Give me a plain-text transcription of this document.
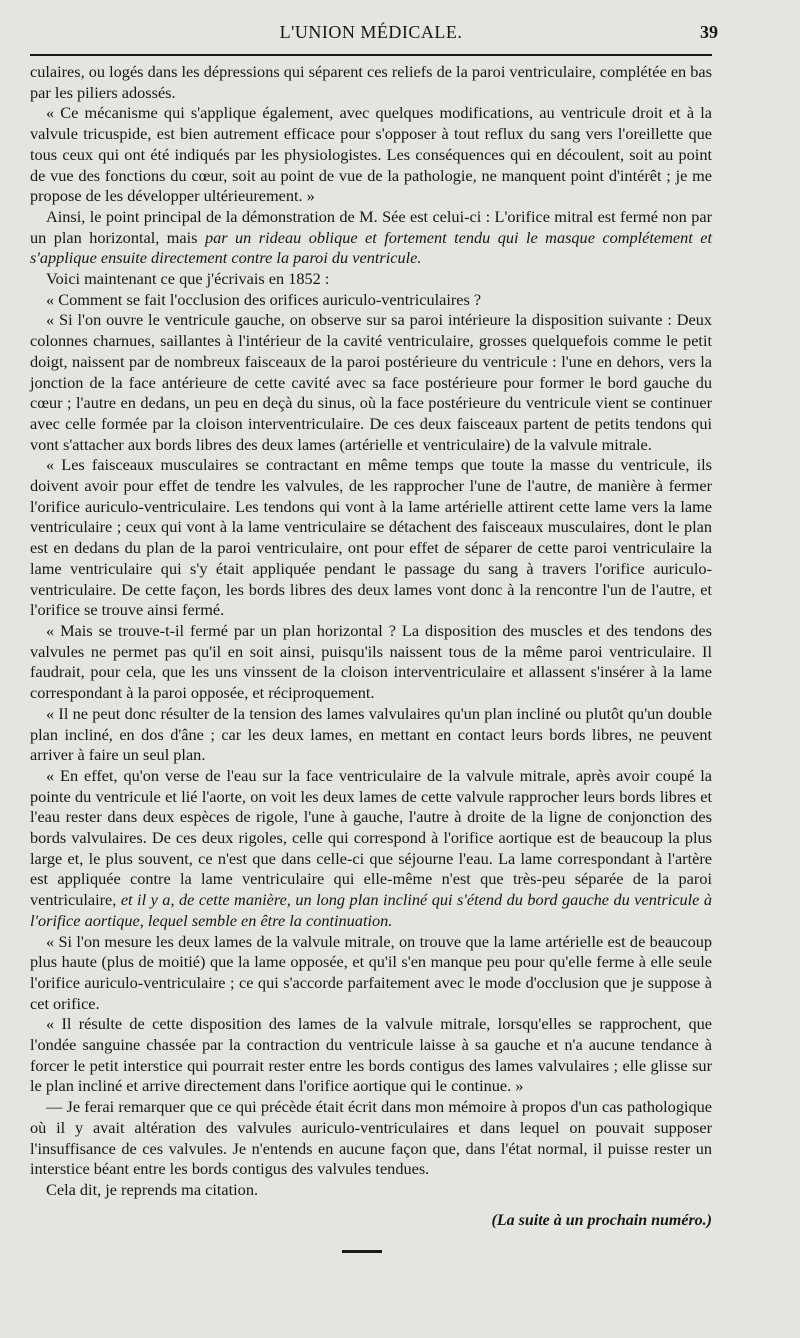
L'UNION MÉDICALE.	39

culaires, ou logés dans les dépressions qui séparent ces reliefs de la paroi ventriculaire, complétée en bas par les piliers adossés.

« Ce mécanisme qui s'applique également, avec quelques modifications, au ventricule droit et à la valvule tricuspide, est bien autrement efficace pour s'opposer à tout reflux du sang vers l'oreillette que tous ceux qui ont été indiqués par les physiologistes. Les conséquences qui en découlent, soit au point de vue des fonctions du cœur, soit au point de vue de la pathologie, ne manquent point d'intérêt ; je me propose de les développer ultérieurement. »

Ainsi, le point principal de la démonstration de M. Sée est celui-ci : L'orifice mitral est fermé non par un plan horizontal, mais par un rideau oblique et fortement tendu qui le masque complétement et s'applique ensuite directement contre la paroi du ventricule.

Voici maintenant ce que j'écrivais en 1852 :

« Comment se fait l'occlusion des orifices auriculo-ventriculaires ?

« Si l'on ouvre le ventricule gauche, on observe sur sa paroi intérieure la disposition suivante : Deux colonnes charnues, saillantes à l'intérieur de la cavité ventriculaire, grosses quelquefois comme le petit doigt, naissent par de nombreux faisceaux de la paroi postérieure du ventricule : l'une en dehors, vers la jonction de la face antérieure de cette cavité avec sa face postérieure pour former le bord gauche du cœur ; l'autre en dedans, un peu en deçà du sinus, où la face postérieure du ventricule vient se continuer avec celle formée par la cloison interventriculaire. De ces deux faisceaux partent de petits tendons qui vont s'attacher aux bords libres des deux lames (artérielle et ventriculaire) de la valvule mitrale.

« Les faisceaux musculaires se contractant en même temps que toute la masse du ventricule, ils doivent avoir pour effet de tendre les valvules, de les rapprocher l'une de l'autre, de manière à fermer l'orifice auriculo-ventriculaire. Les tendons qui vont à la lame artérielle attirent cette lame vers la lame ventriculaire ; ceux qui vont à la lame ventriculaire se détachent des faisceaux musculaires, dont le plan est en dedans du plan de la paroi ventriculaire, ont pour effet de séparer de cette paroi ventriculaire la lame ventriculaire qui s'y était appliquée pendant le passage du sang à travers l'orifice auriculo-ventriculaire. De cette façon, les bords libres des deux lames vont donc à la rencontre l'un de l'autre, et l'orifice se trouve ainsi fermé.

« Mais se trouve-t-il fermé par un plan horizontal ? La disposition des muscles et des tendons des valvules ne permet pas qu'il en soit ainsi, puisqu'ils naissent tous de la même paroi ventriculaire. Il faudrait, pour cela, que les uns vinssent de la cloison interventriculaire et allassent s'insérer à la lame correspondant à la paroi opposée, et réciproquement.

« Il ne peut donc résulter de la tension des lames valvulaires qu'un plan incliné ou plutôt qu'un double plan incliné, en dos d'âne ; car les deux lames, en mettant en contact leurs bords libres, ne peuvent arriver à faire un seul plan.

« En effet, qu'on verse de l'eau sur la face ventriculaire de la valvule mitrale, après avoir coupé la pointe du ventricule et lié l'aorte, on voit les deux lames de cette valvule rapprocher leurs bords libres et l'eau rester dans deux espèces de rigole, l'une à gauche, l'autre à droite de la ligne de conjonction des bords valvulaires. De ces deux rigoles, celle qui correspond à l'orifice aortique est de beaucoup la plus large et, le plus souvent, ce n'est que dans celle-ci que séjourne l'eau. La lame correspondant à l'artère est appliquée contre la lame ventriculaire qui elle-même n'est que très-peu séparée de la paroi ventriculaire, et il y a, de cette manière, un long plan incliné qui s'étend du bord gauche du ventricule à l'orifice aortique, lequel semble en être la continuation.

« Si l'on mesure les deux lames de la valvule mitrale, on trouve que la lame artérielle est de beaucoup plus haute (plus de moitié) que la lame opposée, et qu'il s'en manque peu pour qu'elle ferme à elle seule l'orifice auriculo-ventriculaire ; ce qui s'accorde parfaitement avec le mode d'occlusion que je suppose à cet orifice.

« Il résulte de cette disposition des lames de la valvule mitrale, lorsqu'elles se rapprochent, que l'ondée sanguine chassée par la contraction du ventricule laisse à sa gauche et n'a aucune tendance à forcer le petit interstice qui pourrait rester entre les bords contigus des lames valvulaires ; elle glisse sur le plan incliné et arrive directement dans l'orifice aortique qui le continue. »

— Je ferai remarquer que ce qui précède était écrit dans mon mémoire à propos d'un cas pathologique où il y avait altération des valvules auriculo-ventriculaires et dans lequel on pouvait supposer l'insuffisance de ces valvules. Je n'entends en aucune façon que, dans l'état normal, il puisse rester un interstice béant entre les bords contigus des valvules tendues.

Cela dit, je reprends ma citation.

(La suite à un prochain numéro.)
